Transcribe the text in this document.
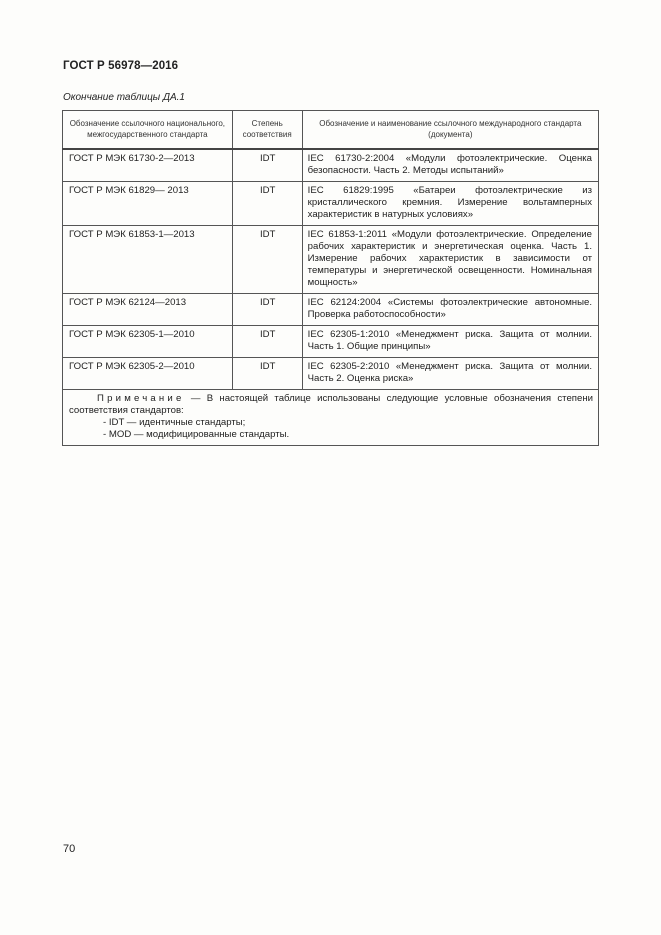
ГОСТ Р 56978—2016
Окончание таблицы ДА.1
Обозначение ссылочного национального, межгосударственного стандарта	Степень соответствия	Обозначение и наименование ссылочного международного стандарта (документа)
ГОСТ Р МЭК 61730-2—2013	IDT	IEC 61730-2:2004 «Модули фотоэлектрические. Оценка безопасности. Часть 2. Методы испытаний»
ГОСТ Р МЭК 61829— 2013	IDT	IEC 61829:1995 «Батареи фотоэлектрические из кристаллического кремния. Измерение вольтамперных характеристик в натурных условиях»
ГОСТ Р МЭК 61853-1—2013	IDT	IEC 61853-1:2011 «Модули фотоэлектрические. Определение рабочих характеристик и энергетическая оценка. Часть 1. Измерение рабочих характеристик в зависимости от температуры и энергетической освещенности. Номинальная мощность»
ГОСТ Р МЭК 62124—2013	IDT	IEC 62124:2004 «Системы фотоэлектрические автономные. Проверка работоспособности»
ГОСТ Р МЭК 62305-1—2010	IDT	IEC 62305-1:2010 «Менеджмент риска. Защита от молнии. Часть 1. Общие принципы»
ГОСТ Р МЭК 62305-2—2010	IDT	IEC 62305-2:2010 «Менеджмент риска. Защита от молнии. Часть 2. Оценка риска»

Примечание — В настоящей таблице использованы следующие условные обозначения степени соответствия стандартов:
- IDT — идентичные стандарты;
- MOD — модифицированные стандарты.		
70
